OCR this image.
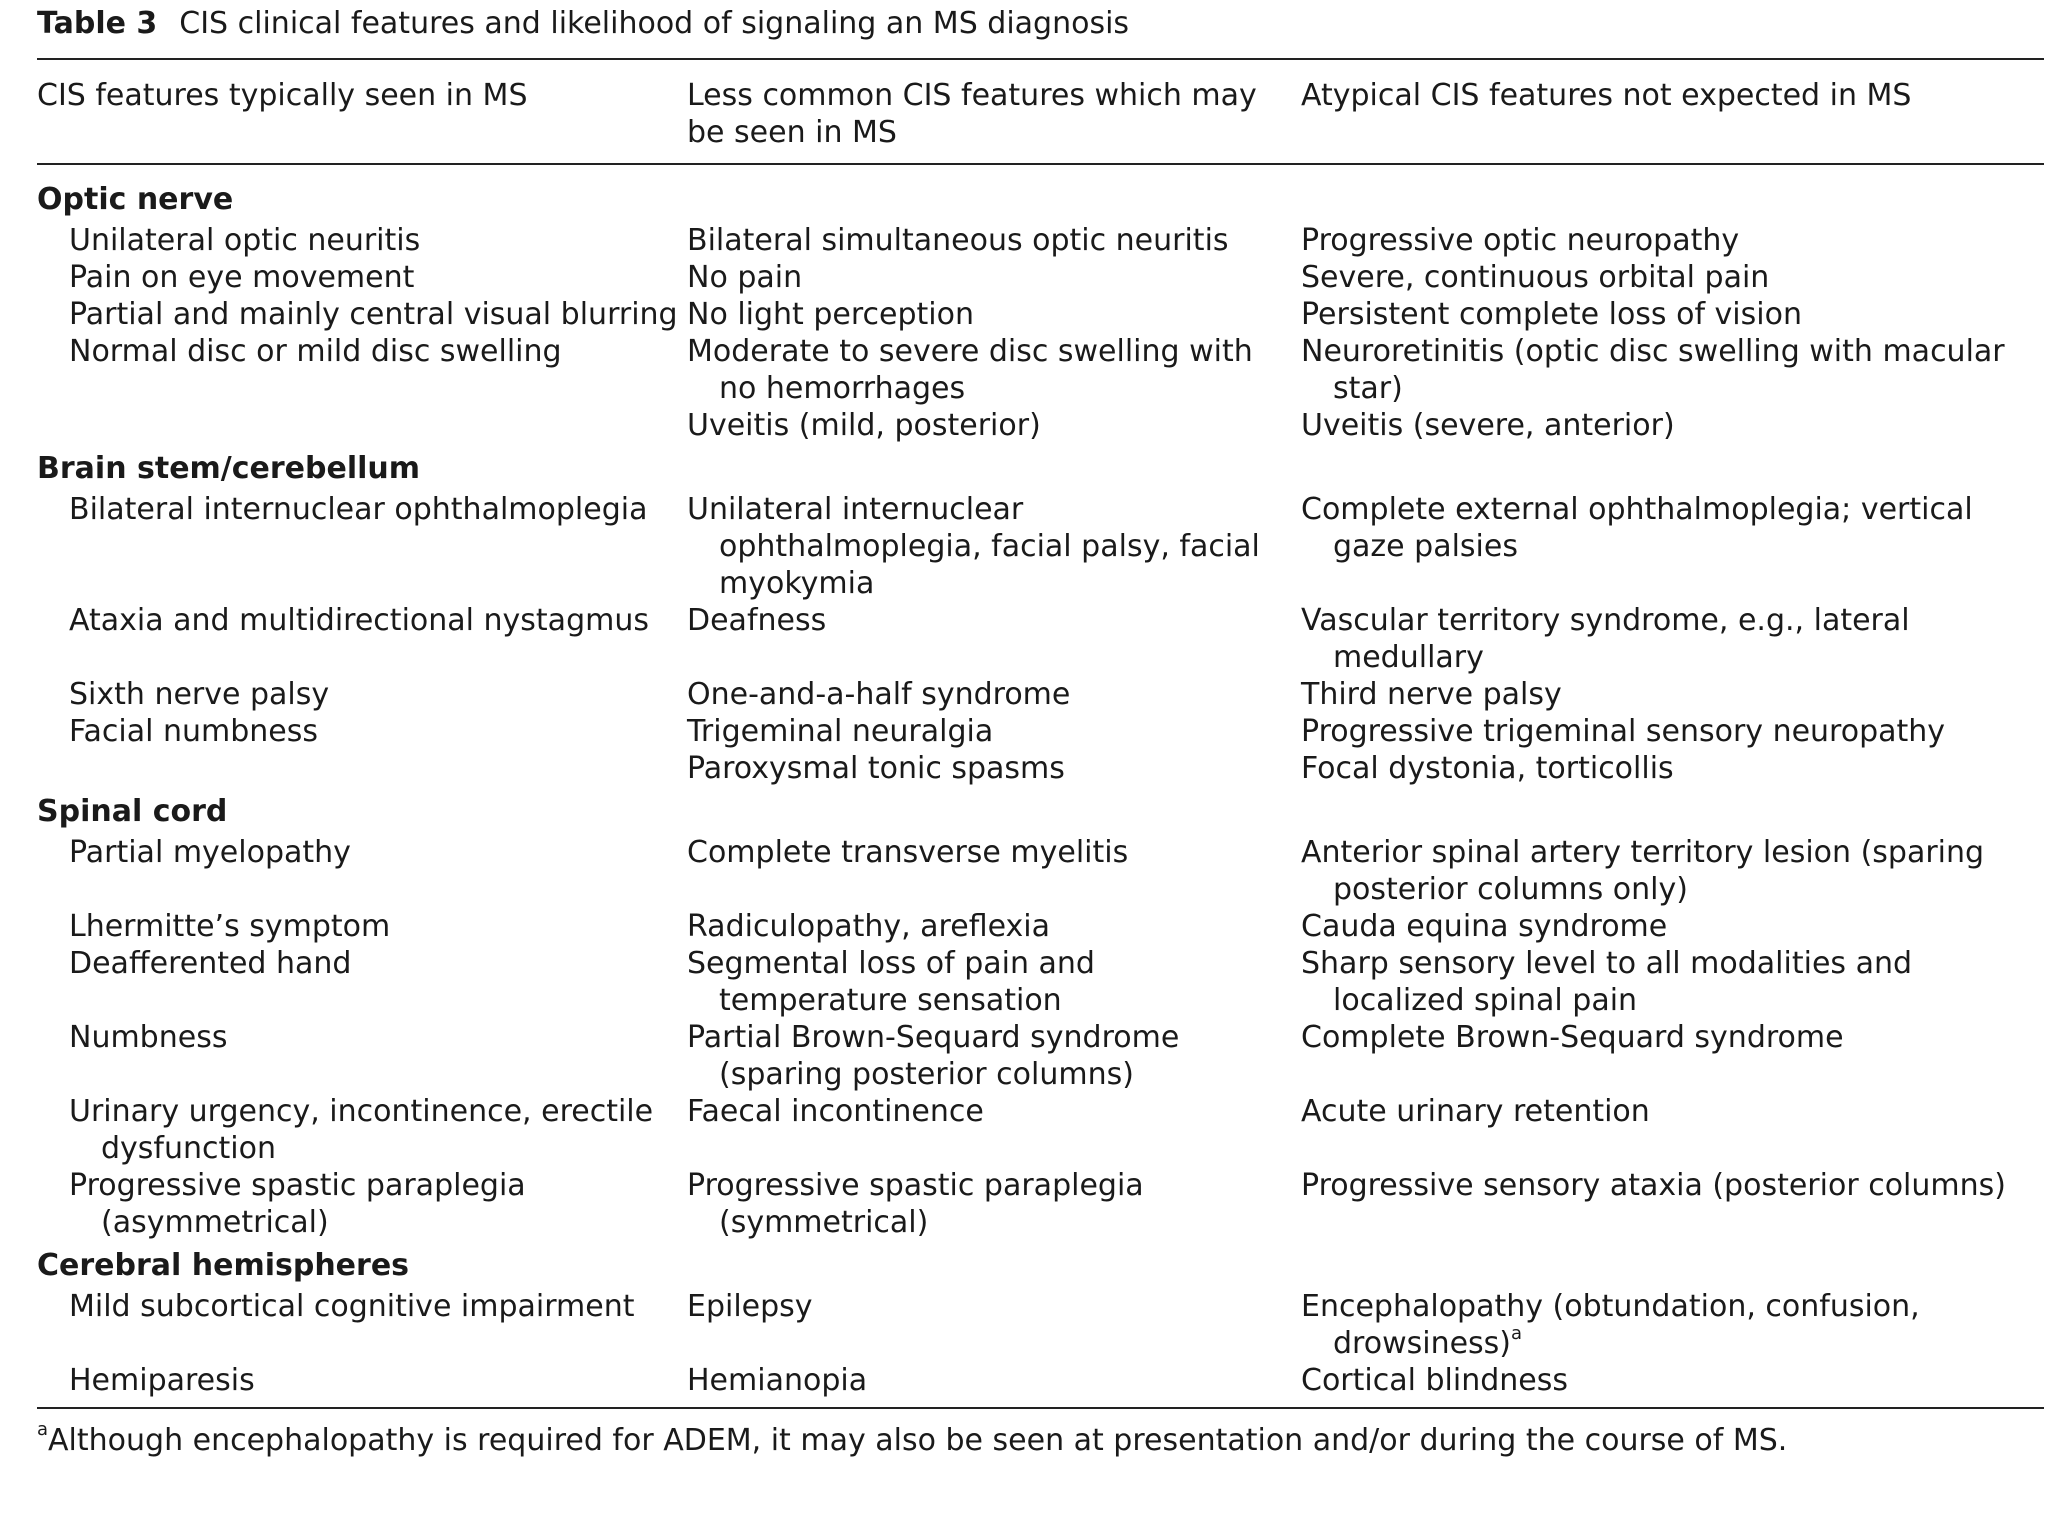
Table 3 CIS clinical features and likelihood of signaling an MS diagnosis

CIS features typically seen in MS	Less common CIS features which may be seen in MS	Atypical CIS features not expected in MS
Optic nerve		

Unilateral optic neuritis	Bilateral simultaneous optic neuritis	Progressive optic neuropathy

Pain on eye movement	No pain	Severe, continuous orbital pain

Partial and mainly central visual blurring	No light perception	Persistent complete loss of vision

Normal disc or mild disc swelling	Moderate to severe disc swelling with no hemorrhages	Neuroretinitis (optic disc swelling with macular star)

	Uveitis (mild, posterior)	Uveitis (severe, anterior)

Brain stem/cerebellum		

Bilateral internuclear ophthalmoplegia	Unilateral internuclear ophthalmoplegia, facial palsy, facial myokymia	Complete external ophthalmoplegia; vertical gaze palsies

Ataxia and multidirectional nystagmus	Deafness	Vascular territory syndrome, e.g., lateral medullary

Sixth nerve palsy	One-and-a-half syndrome	Third nerve palsy

Facial numbness	Trigeminal neuralgia	Progressive trigeminal sensory neuropathy

	Paroxysmal tonic spasms	Focal dystonia, torticollis

Spinal cord		

Partial myelopathy	Complete transverse myelitis	Anterior spinal artery territory lesion (sparing posterior columns only)

Lhermitte’s symptom	Radiculopathy, areflexia	Cauda equina syndrome

Deafferented hand	Segmental loss of pain and temperature sensation	Sharp sensory level to all modalities and localized spinal pain

Numbness	Partial Brown-Sequard syndrome (sparing posterior columns)	Complete Brown-Sequard syndrome

Urinary urgency, incontinence, erectile dysfunction	Faecal incontinence	Acute urinary retention

Progressive spastic paraplegia (asymmetrical)	Progressive spastic paraplegia (symmetrical)	Progressive sensory ataxia (posterior columns)

Cerebral hemispheres		

Mild subcortical cognitive impairment	Epilepsy	Encephalopathy (obtundation, confusion, drowsiness)$^a$

Hemiparesis	Hemianopia	Cortical blindness
$^a$Although encephalopathy is required for ADEM, it may also be seen at presentation and/or during the course of MS.
